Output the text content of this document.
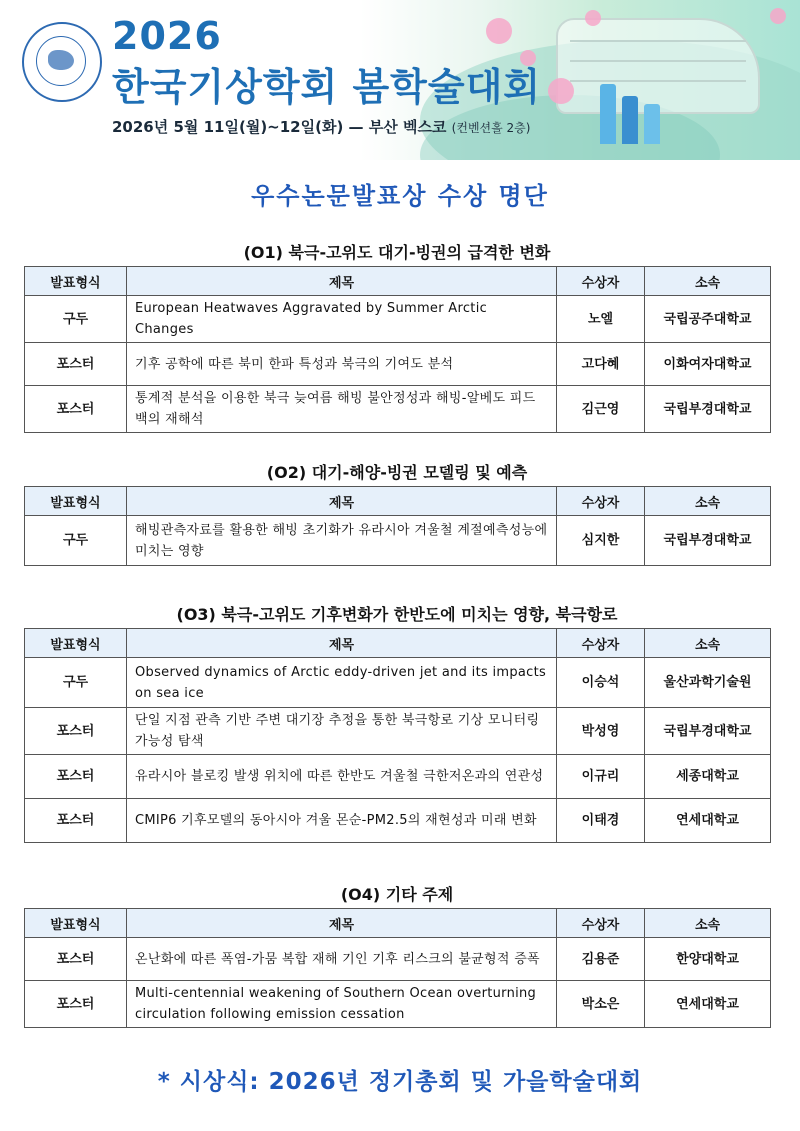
2026
한국기상학회 봄학술대회
2026년 5월 11일(월)~12일(화) — 부산 벡스코 (컨벤션홀 2층)
우수논문발표상 수상 명단
(O1) 북극-고위도 대기-빙권의 급격한 변화
발표형식	제목	수상자	소속
구두	European Heatwaves Aggravated by Summer Arctic Changes	노엘	국립공주대학교
포스터	기후 공학에 따른 북미 한파 특성과 북극의 기여도 분석	고다혜	이화여자대학교
포스터	통계적 분석을 이용한 북극 늦여름 해빙 불안정성과 해빙-알베도 피드백의 재해석	김근영	국립부경대학교
(O2) 대기-해양-빙권 모델링 및 예측
발표형식	제목	수상자	소속
구두	해빙관측자료를 활용한 해빙 초기화가 유라시아 겨울철 계절예측성능에 미치는 영향	심지한	국립부경대학교
(O3) 북극-고위도 기후변화가 한반도에 미치는 영향, 북극항로
발표형식	제목	수상자	소속
구두	Observed dynamics of Arctic eddy-driven jet and its impacts on sea ice	이승석	울산과학기술원
포스터	단일 지점 관측 기반 주변 대기장 추정을 통한 북극항로 기상 모니터링 가능성 탐색	박성영	국립부경대학교
포스터	유라시아 블로킹 발생 위치에 따른 한반도 겨울철 극한저온과의 연관성	이규리	세종대학교
포스터	CMIP6 기후모델의 동아시아 겨울 몬순-PM2.5의 재현성과 미래 변화	이태경	연세대학교
(O4) 기타 주제
발표형식	제목	수상자	소속
포스터	온난화에 따른 폭염-가뭄 복합 재해 기인 기후 리스크의 불균형적 증폭	김용준	한양대학교
포스터	Multi-centennial weakening of Southern Ocean overturning circulation following emission cessation	박소은	연세대학교
* 시상식: 2026년 정기총회 및 가을학술대회
